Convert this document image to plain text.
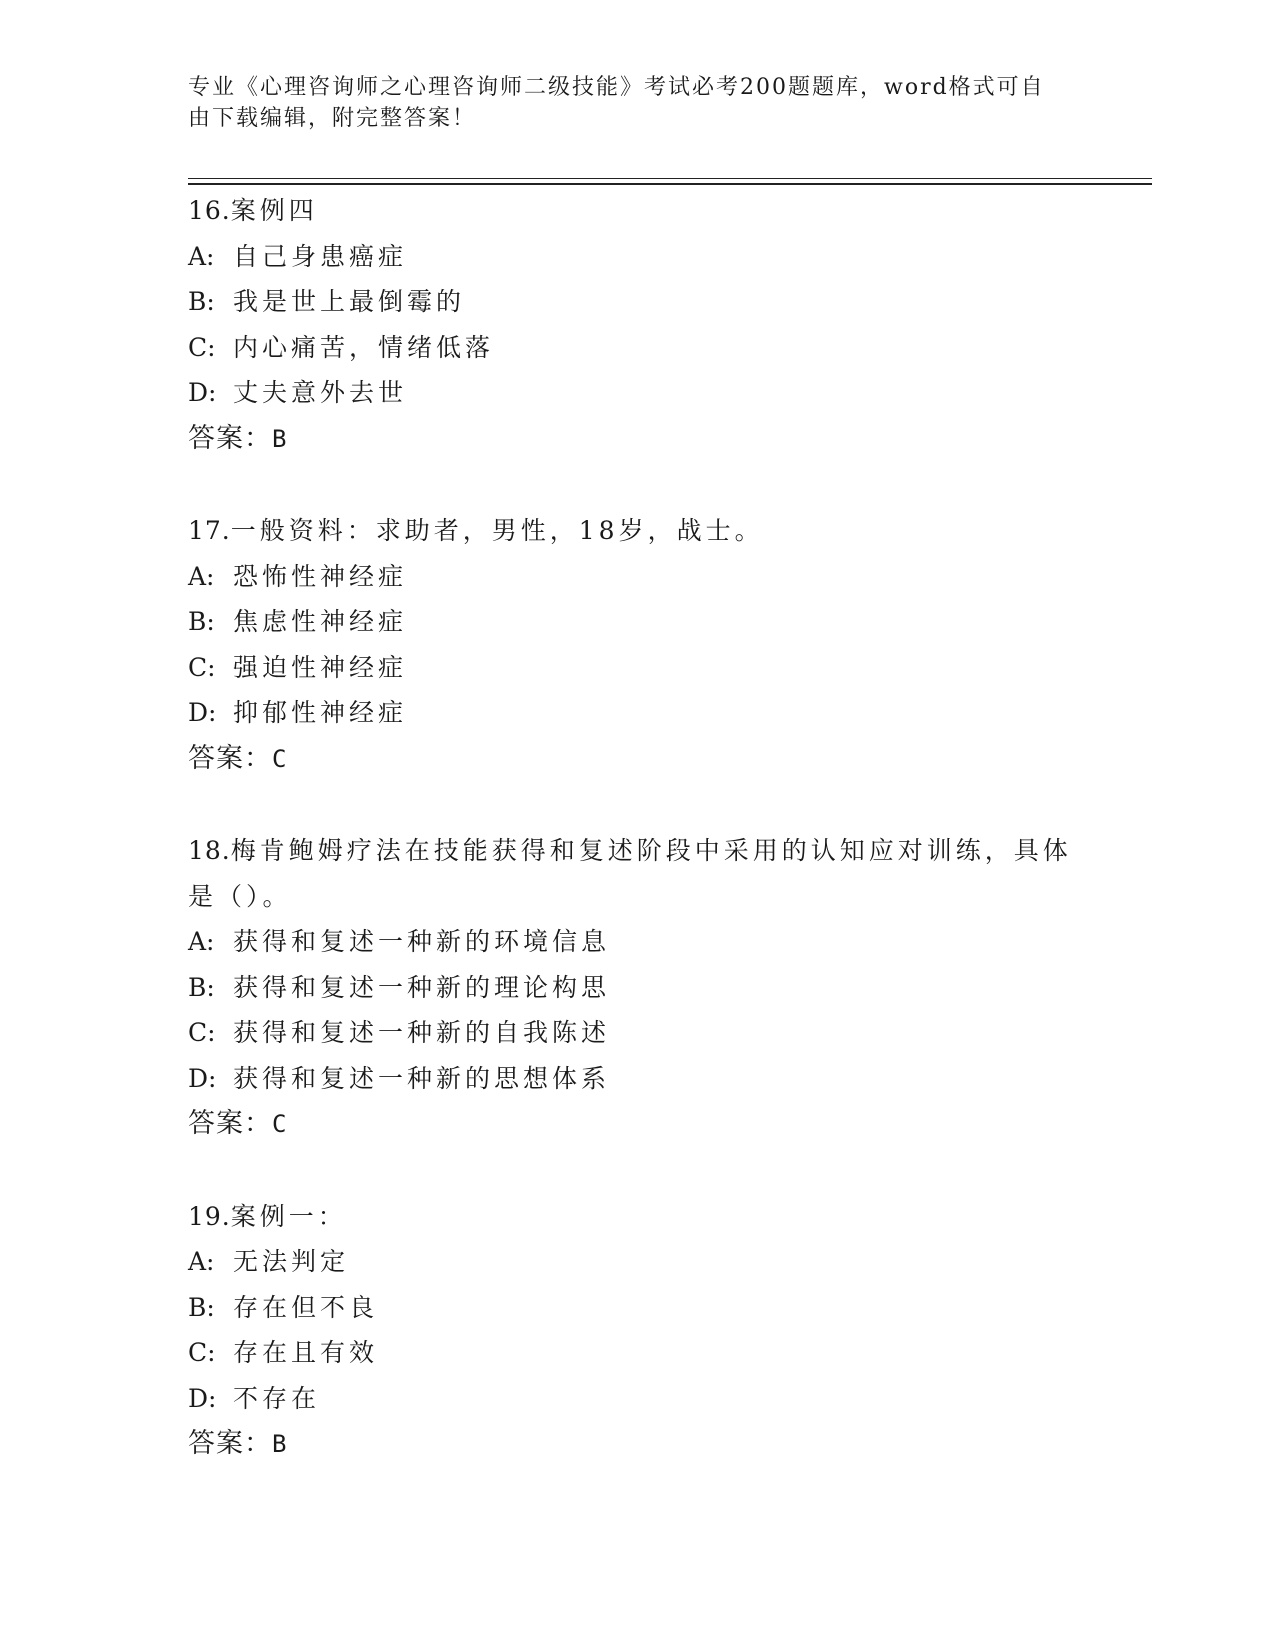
专业《心理咨询师之心理咨询师二级技能》考试必考200题题库，word格式可自
由下载编辑，附完整答案！
16.案例四
A: 自己身患癌症
B: 我是世上最倒霉的
C: 内心痛苦，情绪低落
D: 丈夫意外去世
答案：B
17.一般资料：求助者，男性，18岁，战士。
A: 恐怖性神经症
B: 焦虑性神经症
C: 强迫性神经症
D: 抑郁性神经症
答案：C
18.梅肯鲍姆疗法在技能获得和复述阶段中采用的认知应对训练，具体
是（）。
A: 获得和复述一种新的环境信息
B: 获得和复述一种新的理论构思
C: 获得和复述一种新的自我陈述
D: 获得和复述一种新的思想体系
答案：C
19.案例一：
A: 无法判定
B: 存在但不良
C: 存在且有效
D: 不存在
答案：B
